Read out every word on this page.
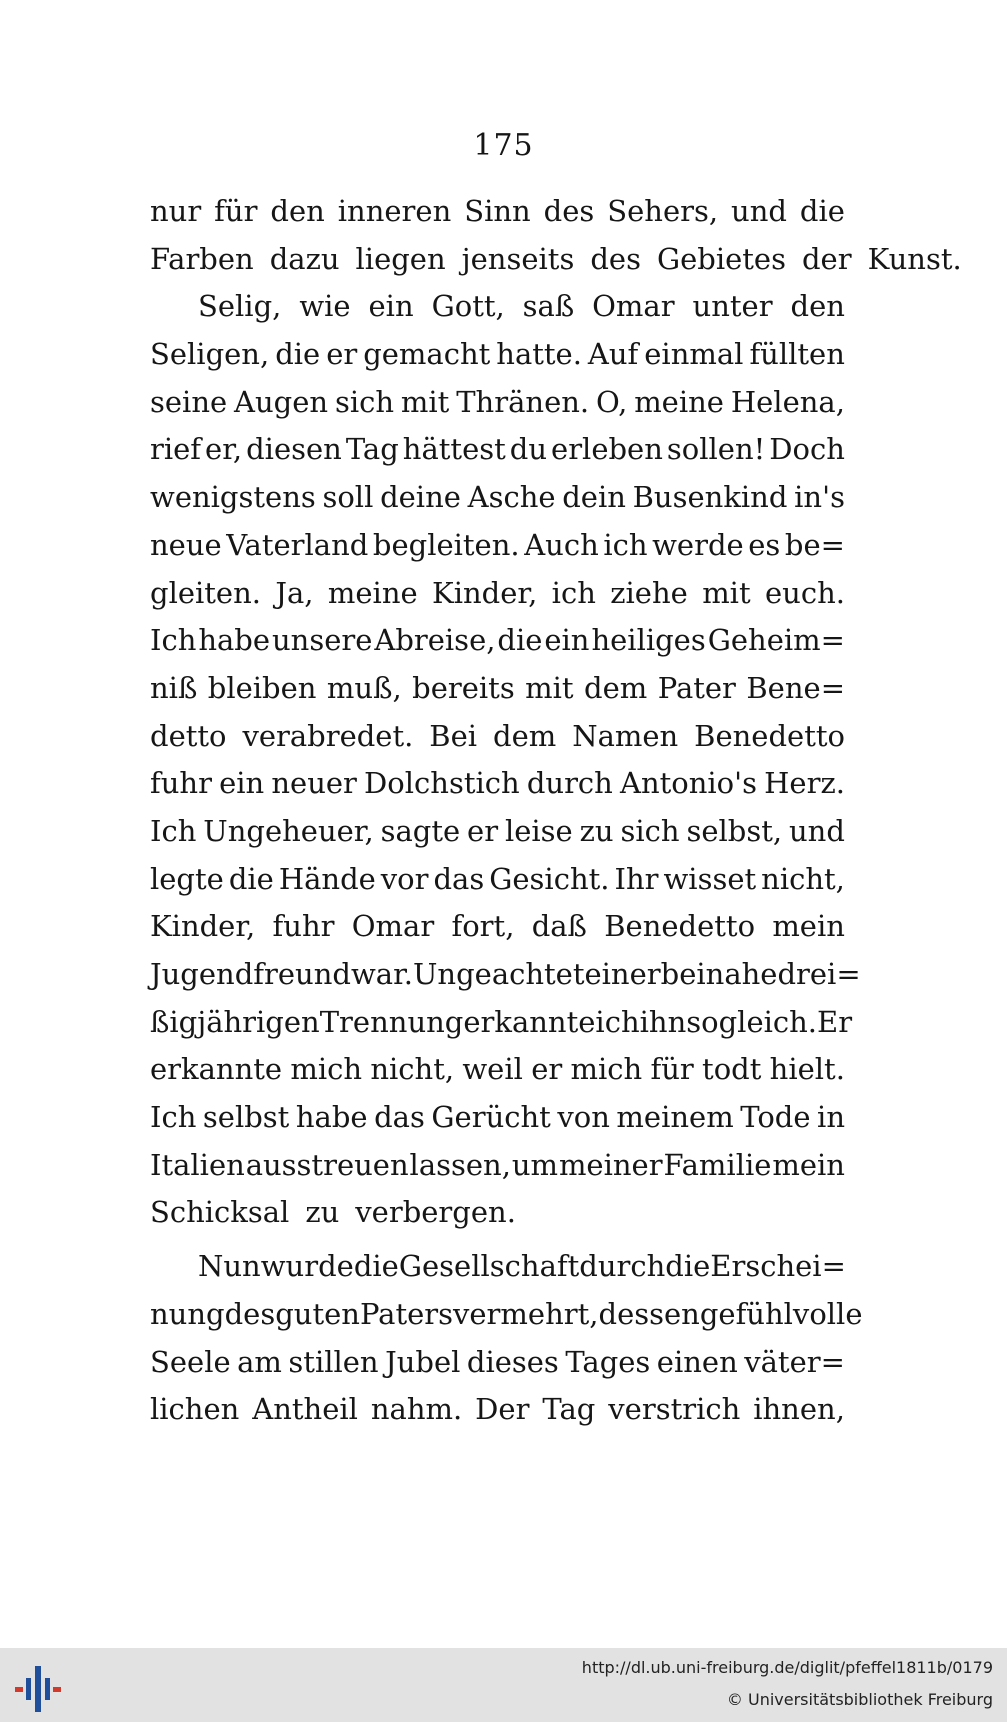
175
nur für den inneren Sinn des Sehers, und die
Farben dazu liegen jenseits des Gebietes der Kunst.
Selig, wie ein Gott, saß Omar unter den
Seligen, die er gemacht hatte. Auf einmal füllten
seine Augen sich mit Thränen. O, meine Helena,
rief er, diesen Tag hättest du erleben sollen! Doch
wenigstens soll deine Asche dein Busenkind in's
neue Vaterland begleiten. Auch ich werde es be=
gleiten. Ja, meine Kinder, ich ziehe mit euch.
Ich habe unsere Abreise, die ein heiliges Geheim=
niß bleiben muß, bereits mit dem Pater Bene=
detto verabredet. Bei dem Namen Benedetto
fuhr ein neuer Dolchstich durch Antonio's Herz.
Ich Ungeheuer, sagte er leise zu sich selbst, und
legte die Hände vor das Gesicht. Ihr wisset nicht,
Kinder, fuhr Omar fort, daß Benedetto mein
Jugendfreund war. Ungeachtet einer beinahe drei=
ßigjährigen Trennung erkannte ich ihn sogleich. Er
erkannte mich nicht, weil er mich für todt hielt.
Ich selbst habe das Gerücht von meinem Tode in
Italien ausstreuen lassen, um meiner Familie mein
Schicksal zu verbergen.
Nun wurde die Gesellschaft durch die Erschei=
nung des guten Paters vermehrt, dessen gefühlvolle
Seele am stillen Jubel dieses Tages einen väter=
lichen Antheil nahm. Der Tag verstrich ihnen,
http://dl.ub.uni-freiburg.de/diglit/pfeffel1811b/0179
© Universitätsbibliothek Freiburg
